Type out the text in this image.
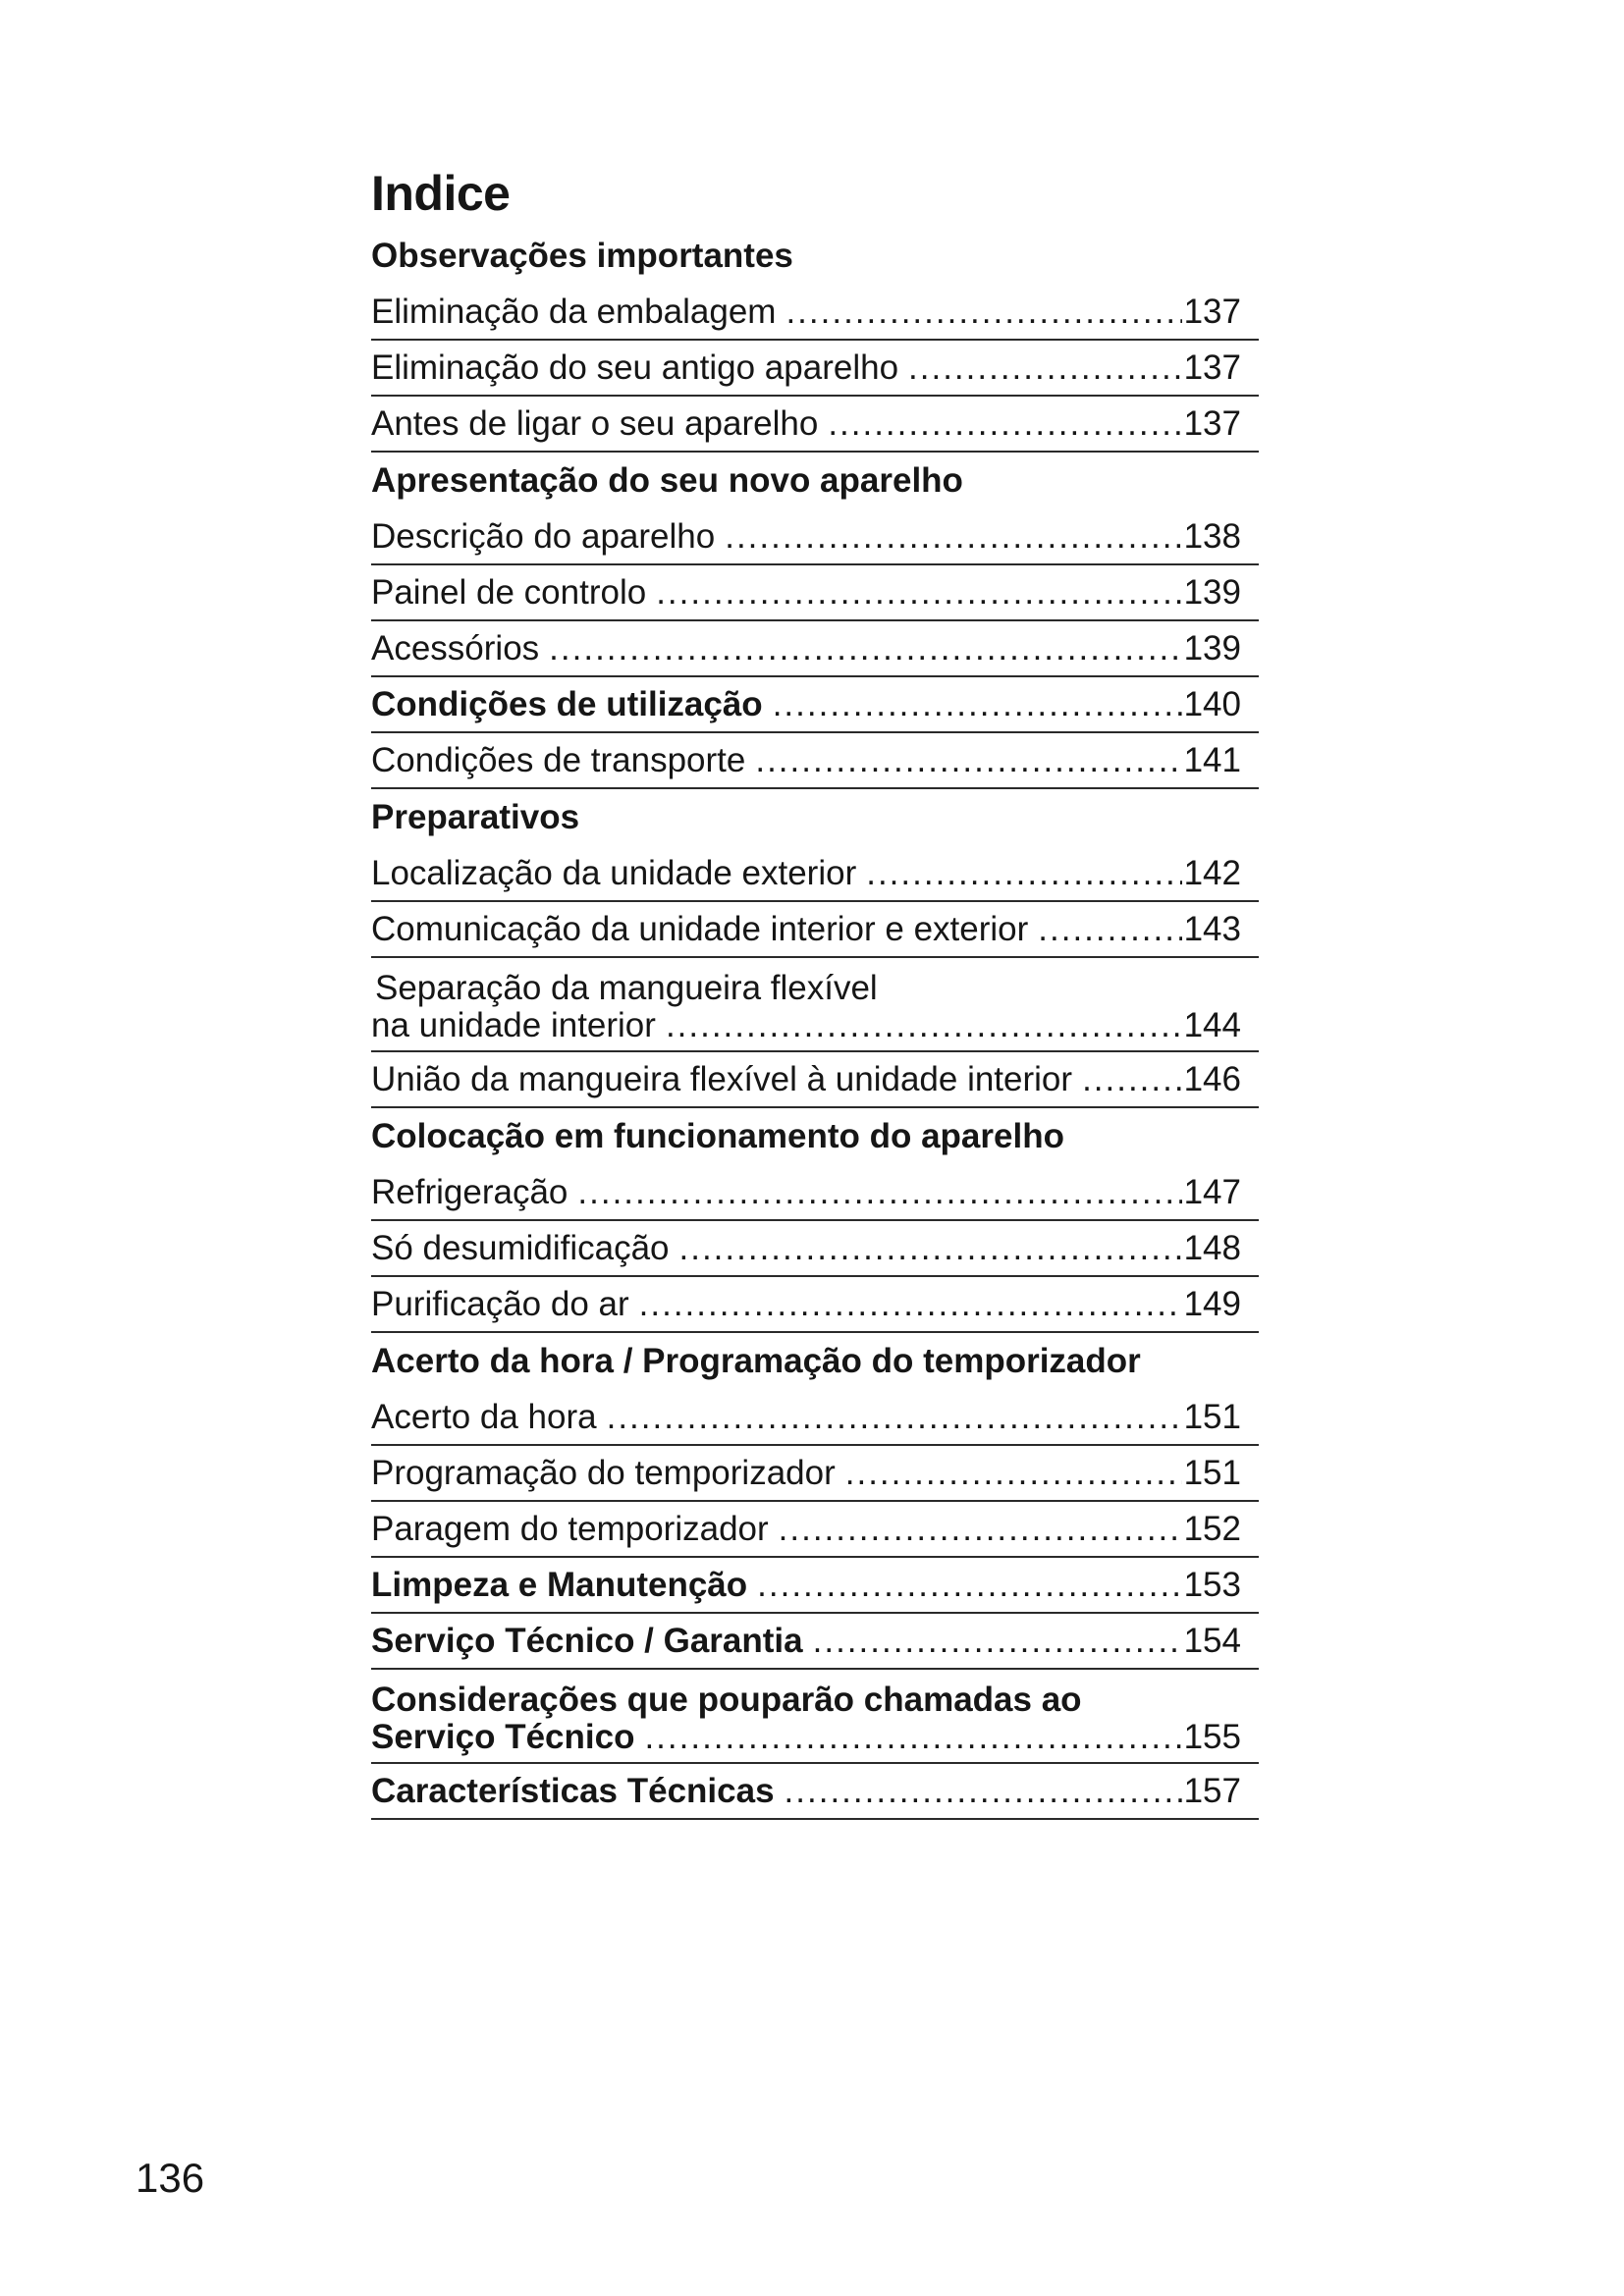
Indice
Observações importantes
Eliminação da embalagem .....	137
Eliminação do seu antigo aparelho .....	137
Antes de ligar o seu aparelho .....	137
Apresentação do seu novo aparelho
Descrição do aparelho .....	138
Painel de controlo .....	139
Acessórios .....	139
Condições de utilização .....	140
Condições de transporte .....	141
Preparativos
Localização da unidade exterior .....	142
Comunicação da unidade interior e exterior .....	143
Separação da mangueira flexível
na unidade interior .....	144
União da mangueira flexível à unidade interior .....	146
Colocação em funcionamento do aparelho
Refrigeração .....	147
Só desumidificação .....	148
Purificação do ar .....	149
Acerto da hora / Programação do temporizador
Acerto da hora .....	151
Programação do temporizador .....	151
Paragem do temporizador .....	152
Limpeza e Manutenção .....	153
Serviço Técnico / Garantia .....	154
Considerações que pouparão chamadas ao
Serviço Técnico .....	155
Características Técnicas .....	157
136
